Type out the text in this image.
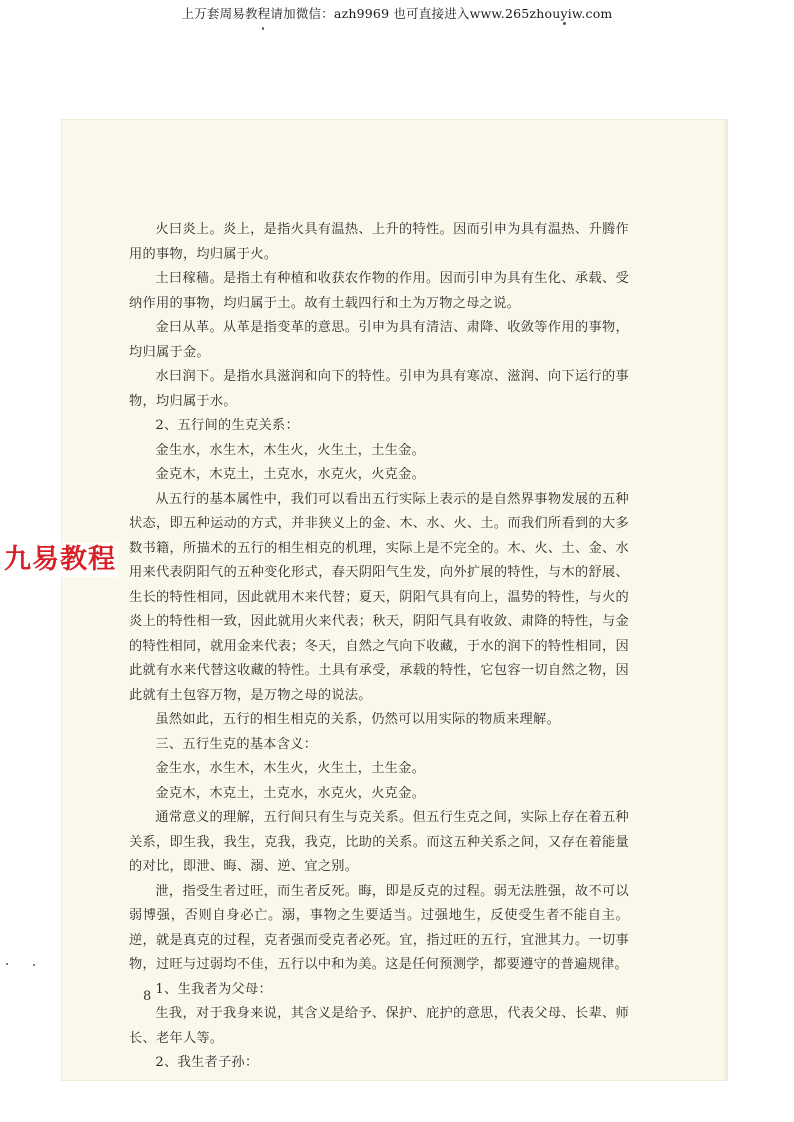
上万套周易教程请加微信：azh9969 也可直接进入www.265zhouyiw.com

火曰炎上。炎上，是指火具有温热、上升的特性。因而引申为具有温热、升腾作用的事物，均归属于火。

土曰稼穑。是指土有种植和收获农作物的作用。因而引申为具有生化、承载、受纳作用的事物，均归属于土。故有土载四行和土为万物之母之说。

金曰从革。从革是指变革的意思。引申为具有清洁、肃降、收敛等作用的事物，均归属于金。

水曰润下。是指水具滋润和向下的特性。引申为具有寒凉、滋润、向下运行的事物，均归属于水。

2、五行间的生克关系：

金生水，水生木，木生火，火生土，土生金。

金克木，木克土，土克水，水克火，火克金。

从五行的基本属性中，我们可以看出五行实际上表示的是自然界事物发展的五种状态，即五种运动的方式，并非狭义上的金、木、水、火、土。而我们所看到的大多数书籍，所描术的五行的相生相克的机理，实际上是不完全的。木、火、土、金、水用来代表阴阳气的五种变化形式，春天阴阳气生发，向外扩展的特性，与木的舒展、生长的特性相同，因此就用木来代替；夏天，阴阳气具有向上，温势的特性，与火的炎上的特性相一致，因此就用火来代表；秋天，阴阳气具有收敛、肃降的特性，与金的特性相同，就用金来代表；冬天，自然之气向下收藏，于水的润下的特性相同，因此就有水来代替这收藏的特性。土具有承受，承载的特性，它包容一切自然之物，因此就有土包容万物，是万物之母的说法。

虽然如此，五行的相生相克的关系，仍然可以用实际的物质来理解。

三、五行生克的基本含义：

金生水，水生木，木生火，火生土，土生金。

金克木，木克土，土克水，水克火，火克金。

通常意义的理解，五行间只有生与克关系。但五行生克之间，实际上存在着五种关系，即生我，我生，克我，我克，比助的关系。而这五种关系之间，又存在着能量的对比，即泄、晦、溺、逆、宜之别。

泄，指受生者过旺，而生者反死。晦，即是反克的过程。弱无法胜强，故不可以弱博强，否则自身必亡。溺，事物之生要适当。过强地生，反使受生者不能自主。逆，就是真克的过程，克者强而受克者必死。宜，指过旺的五行，宜泄其力。一切事物，过旺与过弱均不佳，五行以中和为美。这是任何预测学，都要遵守的普遍规律。

1、生我者为父母：

生我，对于我身来说，其含义是给予、保护、庇护的意思，代表父母、长辈、师长、老年人等。

2、我生者子孙：

8
九易教程
